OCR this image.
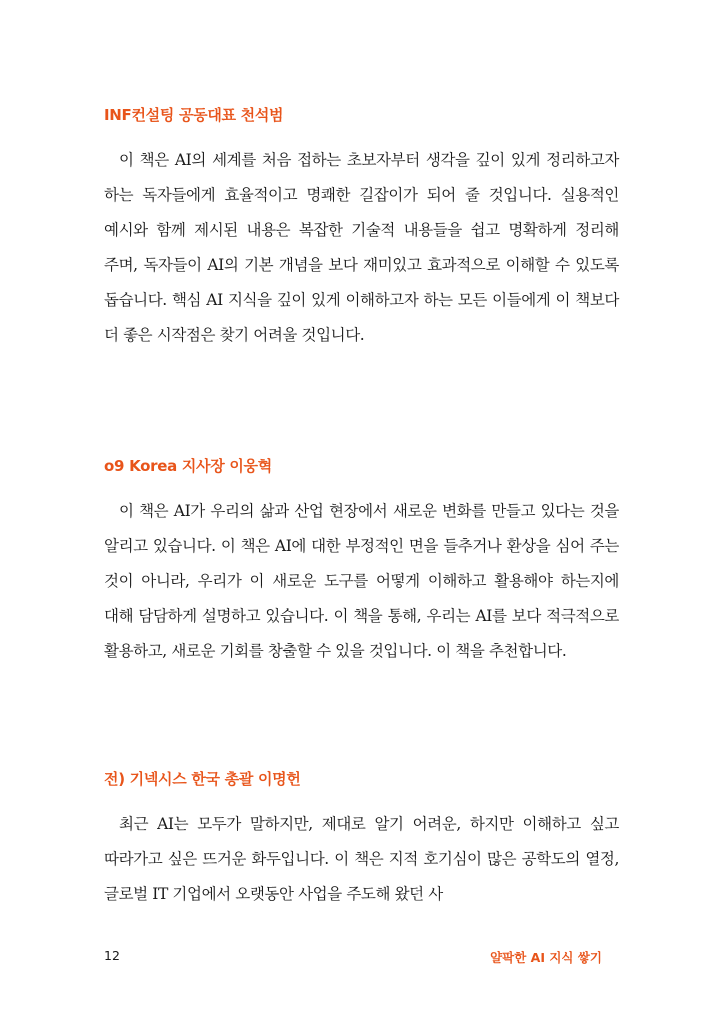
INF컨설팅 공동대표 천석범

이 책은 AI의 세계를 처음 접하는 초보자부터 생각을 깊이 있게 정리하고자 하는 독자들에게 효율적이고 명쾌한 길잡이가 되어 줄 것입니다. 실용적인 예시와 함께 제시된 내용은 복잡한 기술적 내용들을 쉽고 명확하게 정리해 주며, 독자들이 AI의 기본 개념을 보다 재미있고 효과적으로 이해할 수 있도록 돕습니다. 핵심 AI 지식을 깊이 있게 이해하고자 하는 모든 이들에게 이 책보다 더 좋은 시작점은 찾기 어려울 것입니다.

o9 Korea 지사장 이웅혁

이 책은 AI가 우리의 삶과 산업 현장에서 새로운 변화를 만들고 있다는 것을 알리고 있습니다. 이 책은 AI에 대한 부정적인 면을 들추거나 환상을 심어 주는 것이 아니라, 우리가 이 새로운 도구를 어떻게 이해하고 활용해야 하는지에 대해 담담하게 설명하고 있습니다. 이 책을 통해, 우리는 AI를 보다 적극적으로 활용하고, 새로운 기회를 창출할 수 있을 것입니다. 이 책을 추천합니다.

전) 기넥시스 한국 총괄 이명헌

최근 AI는 모두가 말하지만, 제대로 알기 어려운, 하지만 이해하고 싶고 따라가고 싶은 뜨거운 화두입니다. 이 책은 지적 호기심이 많은 공학도의 열정, 글로벌 IT 기업에서 오랫동안 사업을 주도해 왔던 사

12	얄팍한 AI 지식 쌓기
